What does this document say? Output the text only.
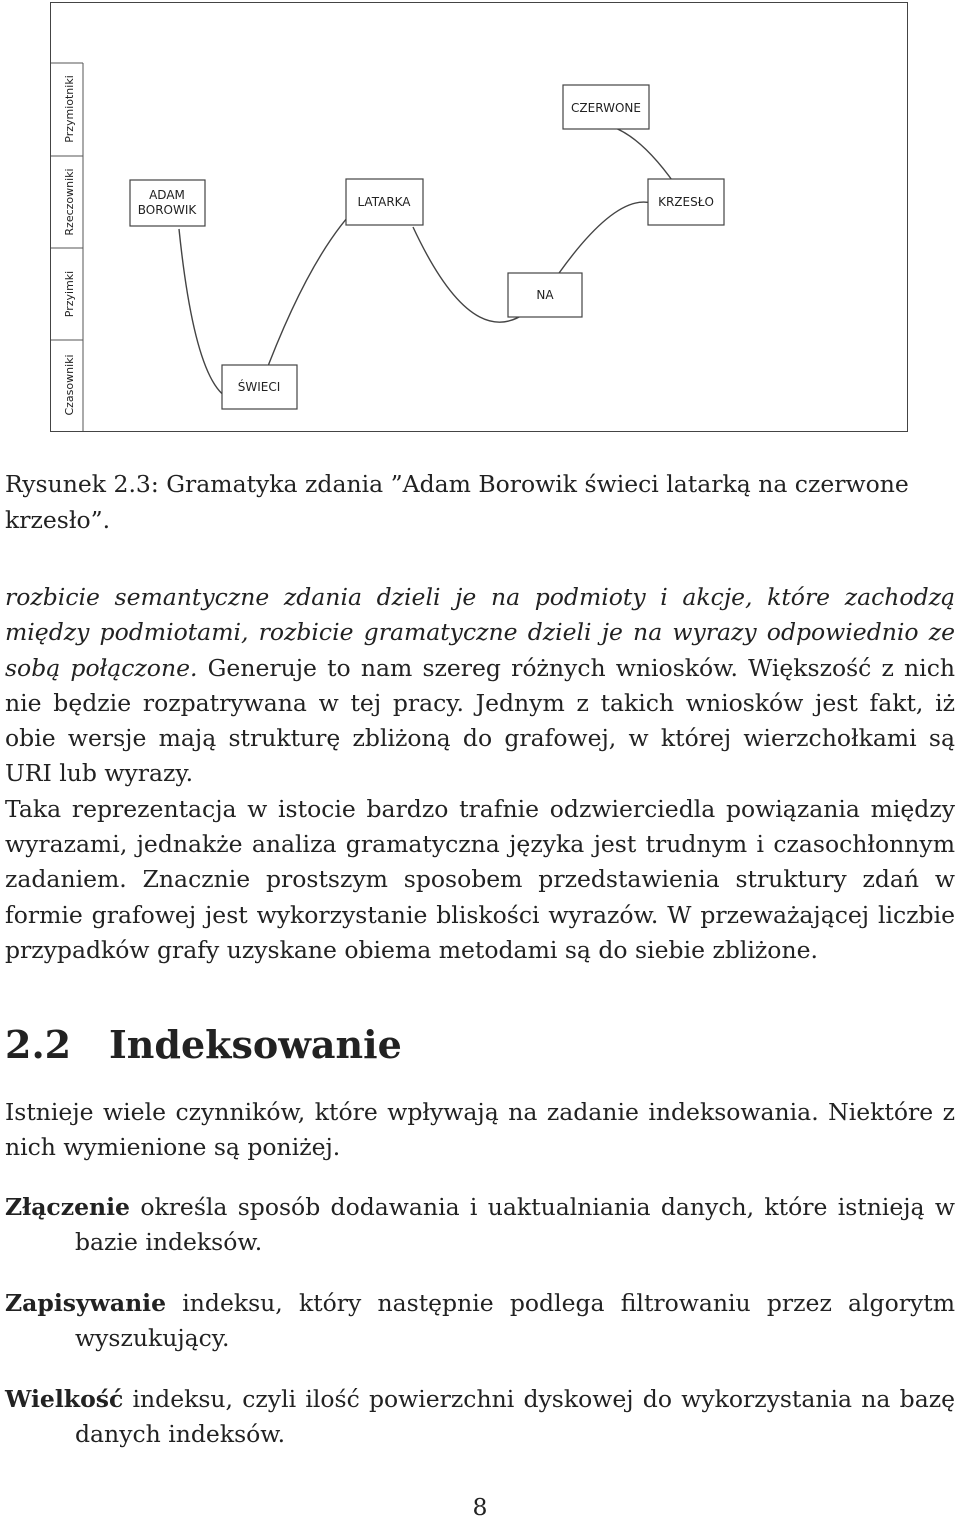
Przymiotniki
Rzeczowniki
Przyimki
Czasowniki
ADAM
BOROWIK
LATARKA
CZERWONE
KRZESŁO
NA
ŚWIECI

Rysunek 2.3: Gramatyka zdania ”Adam Borowik świeci latarką na czerwone krzesło”.

rozbicie semantyczne zdania dzieli je na podmioty i akcje, które zachodzą między podmiotami, rozbicie gramatyczne dzieli je na wyrazy odpowiednio ze sobą połączone. Generuje to nam szereg różnych wniosków. Większość z nich nie będzie rozpatrywana w tej pracy. Jednym z takich wniosków jest fakt, iż obie wersje mają strukturę zbliżoną do grafowej, w której wierzchołkami są URI lub wyrazy.
Taka reprezentacja w istocie bardzo trafnie odzwierciedla powiązania między wyrazami, jednakże analiza gramatyczna języka jest trudnym i czasochłonnym zadaniem. Znacznie prostszym sposobem przedstawienia struktury zdań w formie grafowej jest wykorzystanie bliskości wyrazów. W przeważającej liczbie przypadków grafy uzyskane obiema metodami są do siebie zbliżone.
2.2 Indeksowanie

Istnieje wiele czynników, które wpływają na zadanie indeksowania. Niektóre z nich wymienione są poniżej.

Złączenie określa sposób dodawania i uaktualniania danych, które istnieją w bazie indeksów.

Zapisywanie indeksu, który następnie podlega filtrowaniu przez algorytm wyszukujący.

Wielkość indeksu, czyli ilość powierzchni dyskowej do wykorzystania na bazę danych indeksów.

8
